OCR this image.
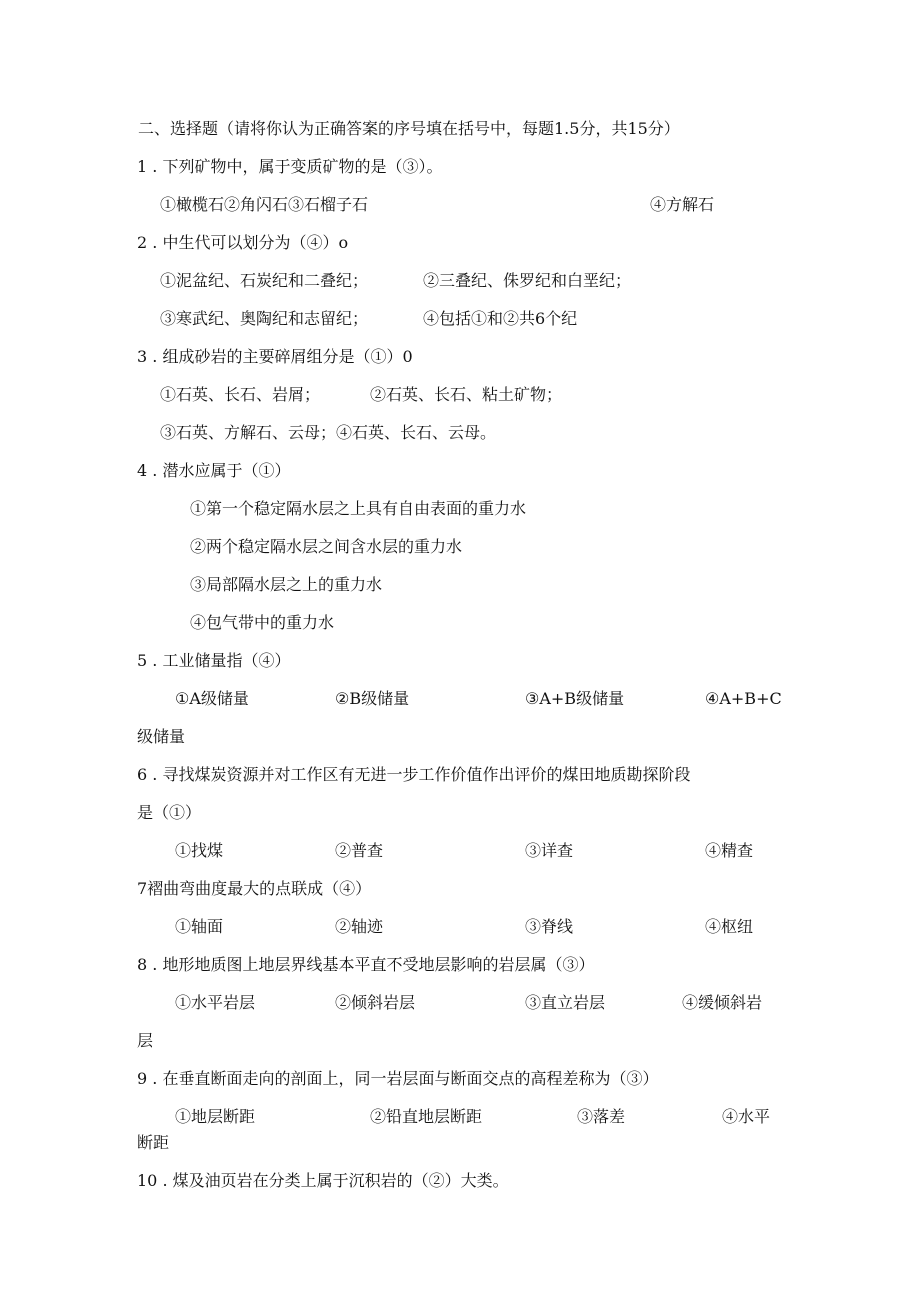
二、选择题（请将你认为正确答案的序号填在括号中，每题1.5分，共15分）
1 . 下列矿物中，属于变质矿物的是（③）。
①橄榄石②角闪石③石榴子石	④方解石
2 . 中生代可以划分为（④）o
①泥盆纪、石炭纪和二叠纪；	②三叠纪、侏罗纪和白垩纪；
③寒武纪、奥陶纪和志留纪；	④包括①和②共6个纪
3 . 组成砂岩的主要碎屑组分是（①）0
①石英、长石、岩屑；	②石英、长石、粘土矿物；
③石英、方解石、云母；④石英、长石、云母。
4 . 潜水应属于（①）
①第一个稳定隔水层之上具有自由表面的重力水
②两个稳定隔水层之间含水层的重力水
③局部隔水层之上的重力水
④包气带中的重力水
5 . 工业储量指（④）
①A级储量	②B级储量	③A+B级储量	④A+B+C
级储量
6 . 寻找煤炭资源并对工作区有无进一步工作价值作出评价的煤田地质勘探阶段
是（①）
①找煤	②普查	③详查	④精查
7褶曲弯曲度最大的点联成（④）
①轴面	②轴迹	③脊线	④枢纽
8 . 地形地质图上地层界线基本平直不受地层影响的岩层属（③）
①水平岩层	②倾斜岩层	③直立岩层	④缓倾斜岩
层
9 . 在垂直断面走向的剖面上，同一岩层面与断面交点的高程差称为（③）
①地层断距	②铅直地层断距	③落差	④水平
断距
10 . 煤及油页岩在分类上属于沉积岩的（②）大类。
